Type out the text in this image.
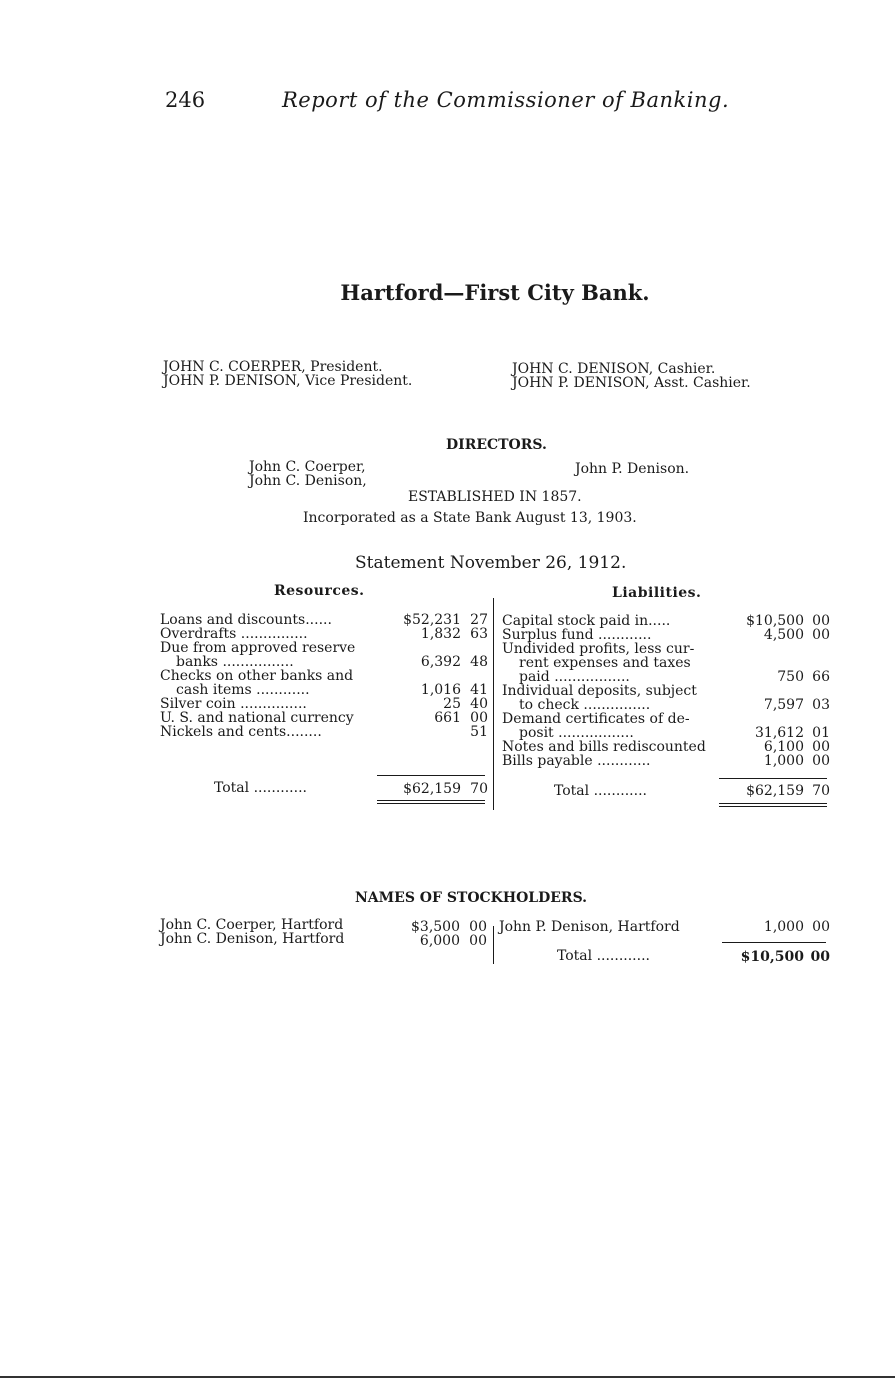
246	Report of the Commissioner of Banking.
Hartford—First City Bank.
JOHN C. COERPER, President.
JOHN P. DENISON, Vice President.
JOHN C. DENISON, Cashier.
JOHN P. DENISON, Asst. Cashier.
DIRECTORS.
John C. Coerper,
John C. Denison,
John P. Denison.
ESTABLISHED IN 1857.
Incorporated as a State Bank August 13, 1903.
Statement November 26, 1912.
Resources.	Liabilities.
Loans and discounts......	$52,231 27
Overdrafts ...............	1,832 63
Due from approved reserve
banks ................	6,392 48
Checks on other banks and
cash items ............	1,016 41
Silver coin ...............	25 40
U. S. and national currency	661 00
Nickels and cents........	51
Total ............	$62,159 70
Capital stock paid in.....	$10,500 00
Surplus fund ............	4,500 00
Undivided profits, less cur-
rent expenses and taxes
paid .................	750 66
Individual deposits, subject
to check ...............	7,597 03
Demand certificates of de-
posit .................	31,612 01
Notes and bills rediscounted	6,100 00
Bills payable ............	1,000 00
Total ............	$62,159 70
NAMES OF STOCKHOLDERS.
John C. Coerper, Hartford	$3,500 00
John C. Denison, Hartford	6,000 00
John P. Denison, Hartford	1,000 00
Total ............	$10,500 00
